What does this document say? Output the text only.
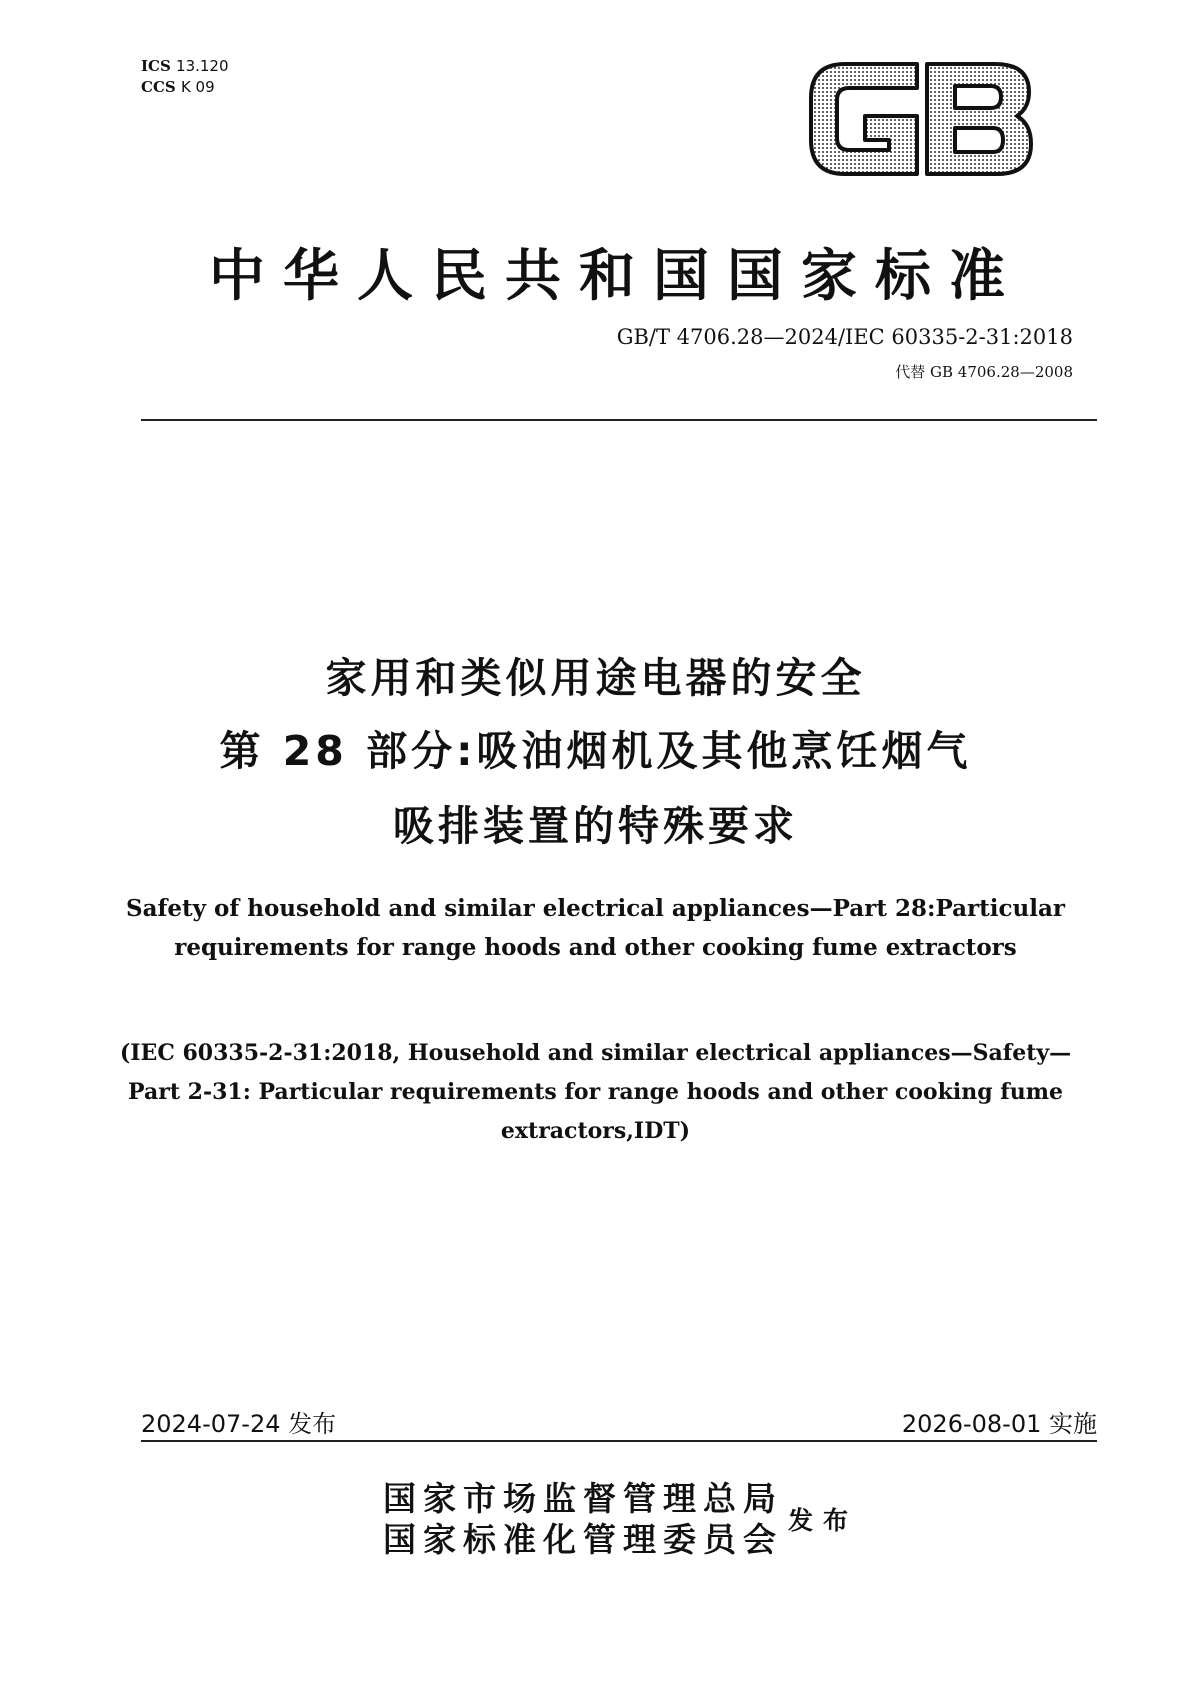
ICS 13.120
CCS K 09
中华人民共和国国家标准
GB/T 4706.28—2024/IEC 60335-2-31:2018
代替 GB 4706.28—2008
家用和类似用途电器的安全
第 28 部分:吸油烟机及其他烹饪烟气
吸排装置的特殊要求
Safety of household and similar electrical appliances—Part 28:Particular
requirements for range hoods and other cooking fume extractors
(IEC 60335-2-31:2018, Household and similar electrical appliances—Safety—
Part 2-31: Particular requirements for range hoods and other cooking fume
extractors,IDT)
2024-07-24 发布	2026-08-01 实施
国家市场监督管理总局
国家标准化管理委员会 发布
